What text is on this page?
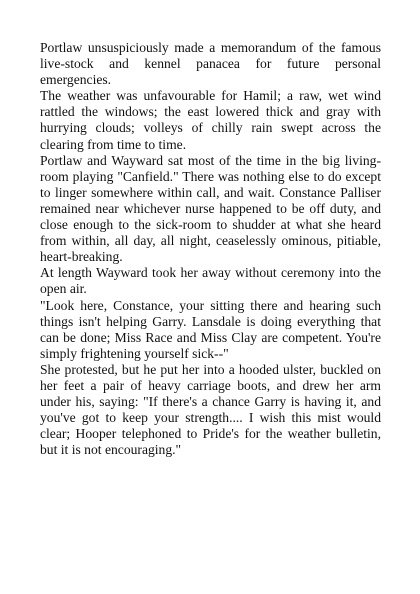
Portlaw unsuspiciously made a memorandum of the famous live-stock and kennel panacea for future personal emergencies.

The weather was unfavourable for Hamil; a raw, wet wind rattled the windows; the east lowered thick and gray with hurrying clouds; volleys of chilly rain swept across the clearing from time to time.

Portlaw and Wayward sat most of the time in the big living-room playing "Canfield." There was nothing else to do except to linger somewhere within call, and wait. Constance Palliser remained near whichever nurse happened to be off duty, and close enough to the sick-room to shudder at what she heard from within, all day, all night, ceaselessly ominous, pitiable, heart-breaking.

At length Wayward took her away without ceremony into the open air.

"Look here, Constance, your sitting there and hearing such things isn't helping Garry. Lansdale is doing everything that can be done; Miss Race and Miss Clay are competent. You're simply frightening yourself sick--"

She protested, but he put her into a hooded ulster, buckled on her feet a pair of heavy carriage boots, and drew her arm under his, saying: "If there's a chance Garry is having it, and you've got to keep your strength.... I wish this mist would clear; Hooper telephoned to Pride's for the weather bulletin, but it is not encouraging."
